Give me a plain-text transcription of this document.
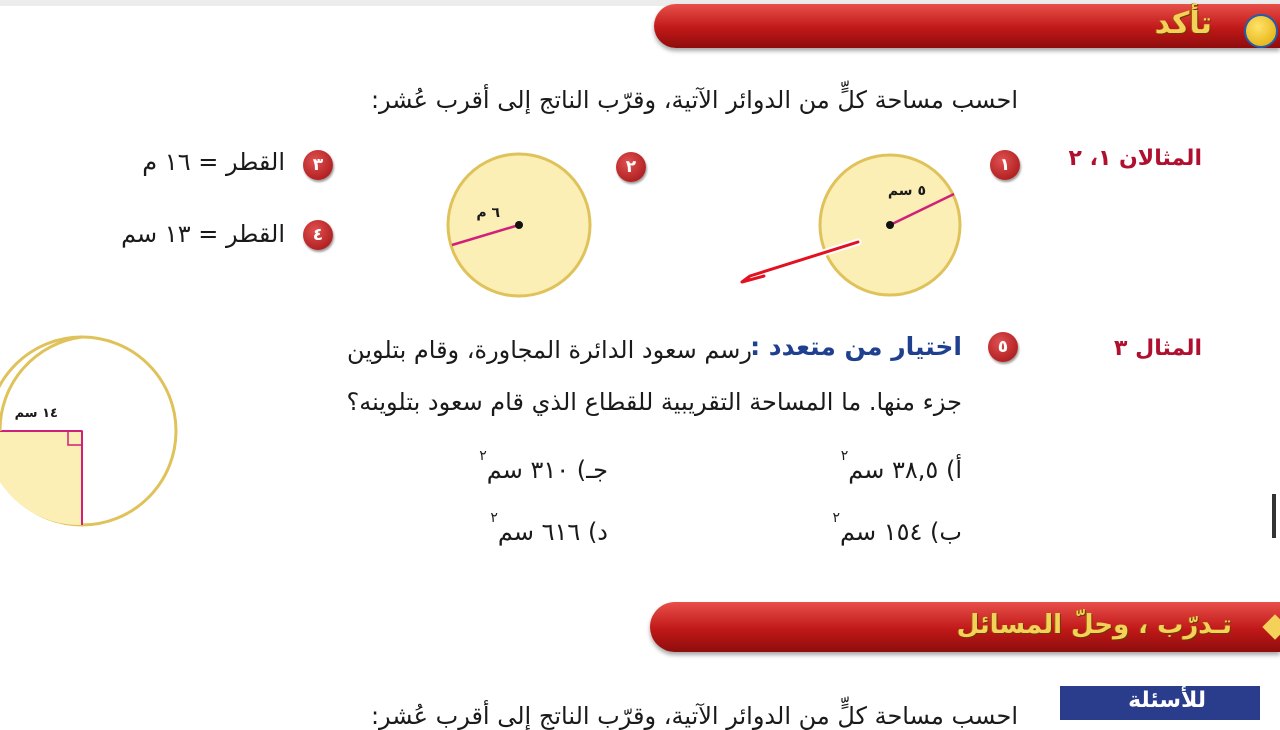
تأكد
احسب مساحة كلٍّ من الدوائر الآتية، وقرّب الناتج إلى أقرب عُشر:
المثالان ١، ٢
١
٢
٣
٤
القطر = ١٦ م
القطر = ١٣ سم
٥ سم
٦ م
المثال ٣
٥
اختيار من متعدد :
رسم سعود الدائرة المجاورة، وقام بتلوين
جزء منها. ما المساحة التقريبية للقطاع الذي قام سعود بتلوينه؟
أ) ٣٨,٥ سم$^٢$
ب) ١٥٤ سم$^٢$
جـ) ٣١٠ سم$^٢$
د) ٦١٦ سم$^٢$
١٤ سم
تـدرّب ، وحلّ المسائل
احسب مساحة كلٍّ من الدوائر الآتية، وقرّب الناتج إلى أقرب عُشر:
للأسئلة
